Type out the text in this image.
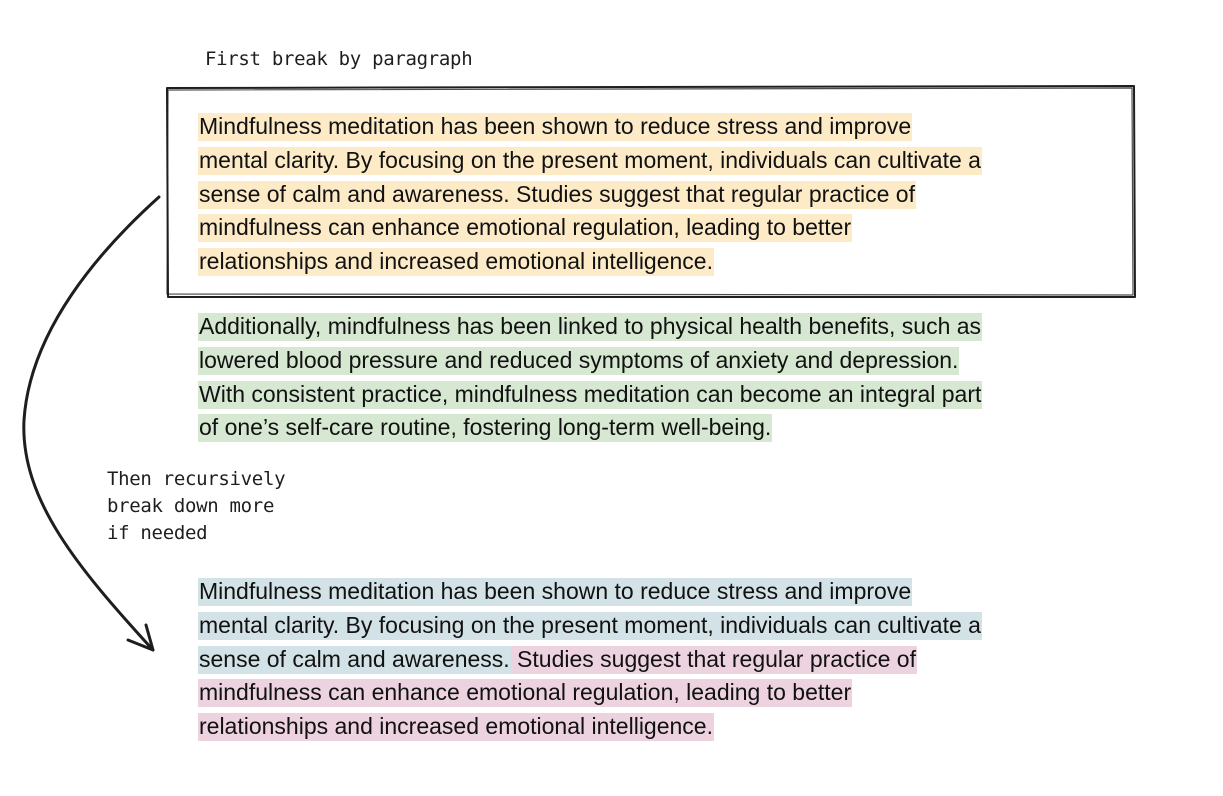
First break by paragraph
Then recursively
break down more
if needed
Mindfulness meditation has been shown to reduce stress and improve
mental clarity. By focusing on the present moment, individuals can cultivate a
sense of calm and awareness. Studies suggest that regular practice of
mindfulness can enhance emotional regulation, leading to better
relationships and increased emotional intelligence.
Additionally, mindfulness has been linked to physical health benefits, such as
lowered blood pressure and reduced symptoms of anxiety and depression.
With consistent practice, mindfulness meditation can become an integral part
of one’s self-care routine, fostering long-term well-being.
Mindfulness meditation has been shown to reduce stress and improve
mental clarity. By focusing on the present moment, individuals can cultivate a
sense of calm and awareness. Studies suggest that regular practice of
mindfulness can enhance emotional regulation, leading to better
relationships and increased emotional intelligence.
